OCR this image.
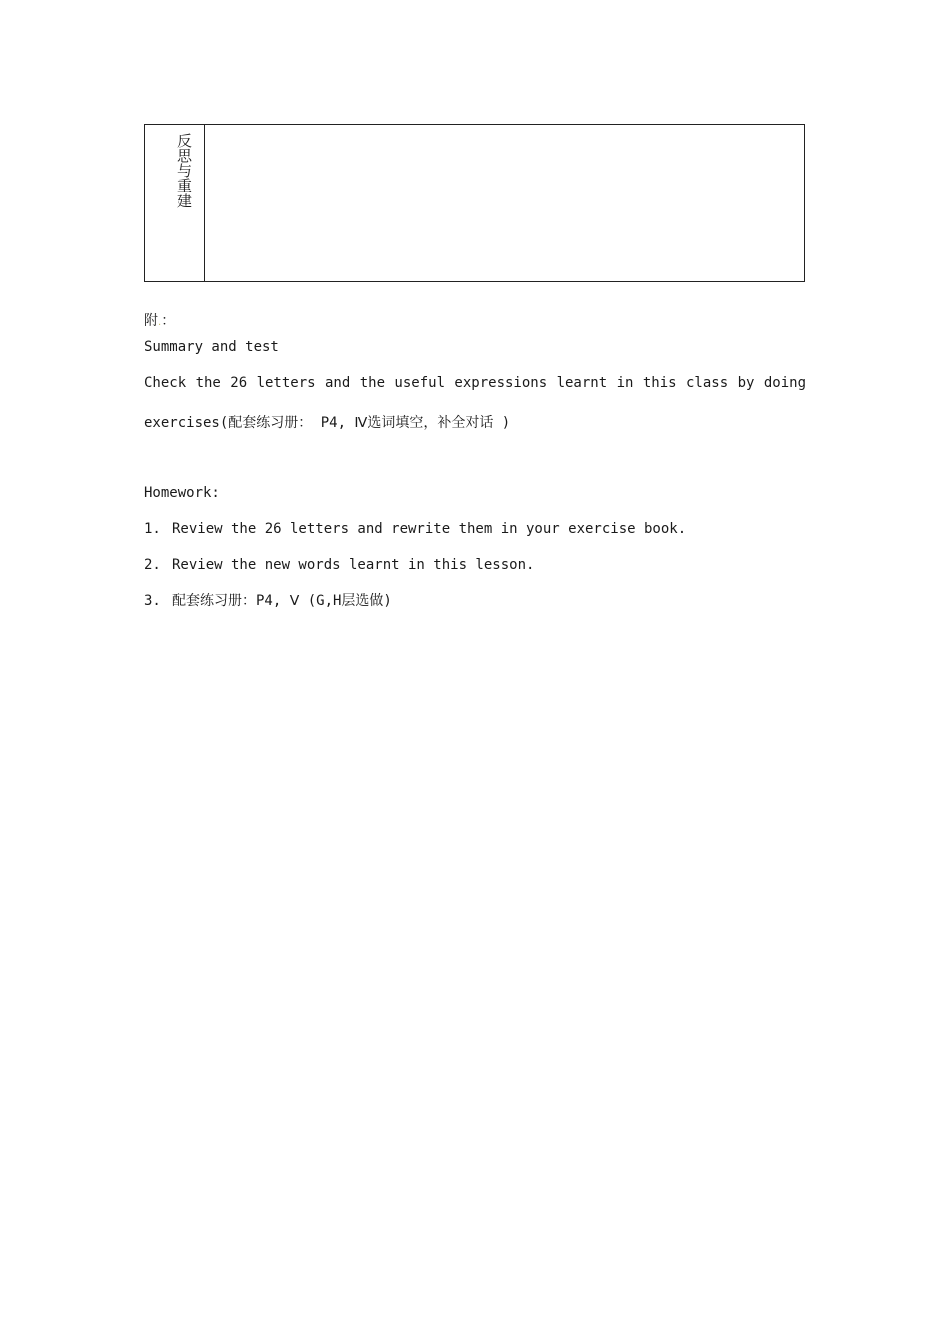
反思与重建
附.：
Summary and test
Check the 26 letters and the useful expressions learnt in this class by doing
exercises(配套练习册： P4, Ⅳ选词填空，补全对话 )
Homework:
1. Review the 26 letters and rewrite them in your exercise book.
2. Review the new words learnt in this lesson.
3. 配套练习册：P4, Ⅴ (G,H层选做)
